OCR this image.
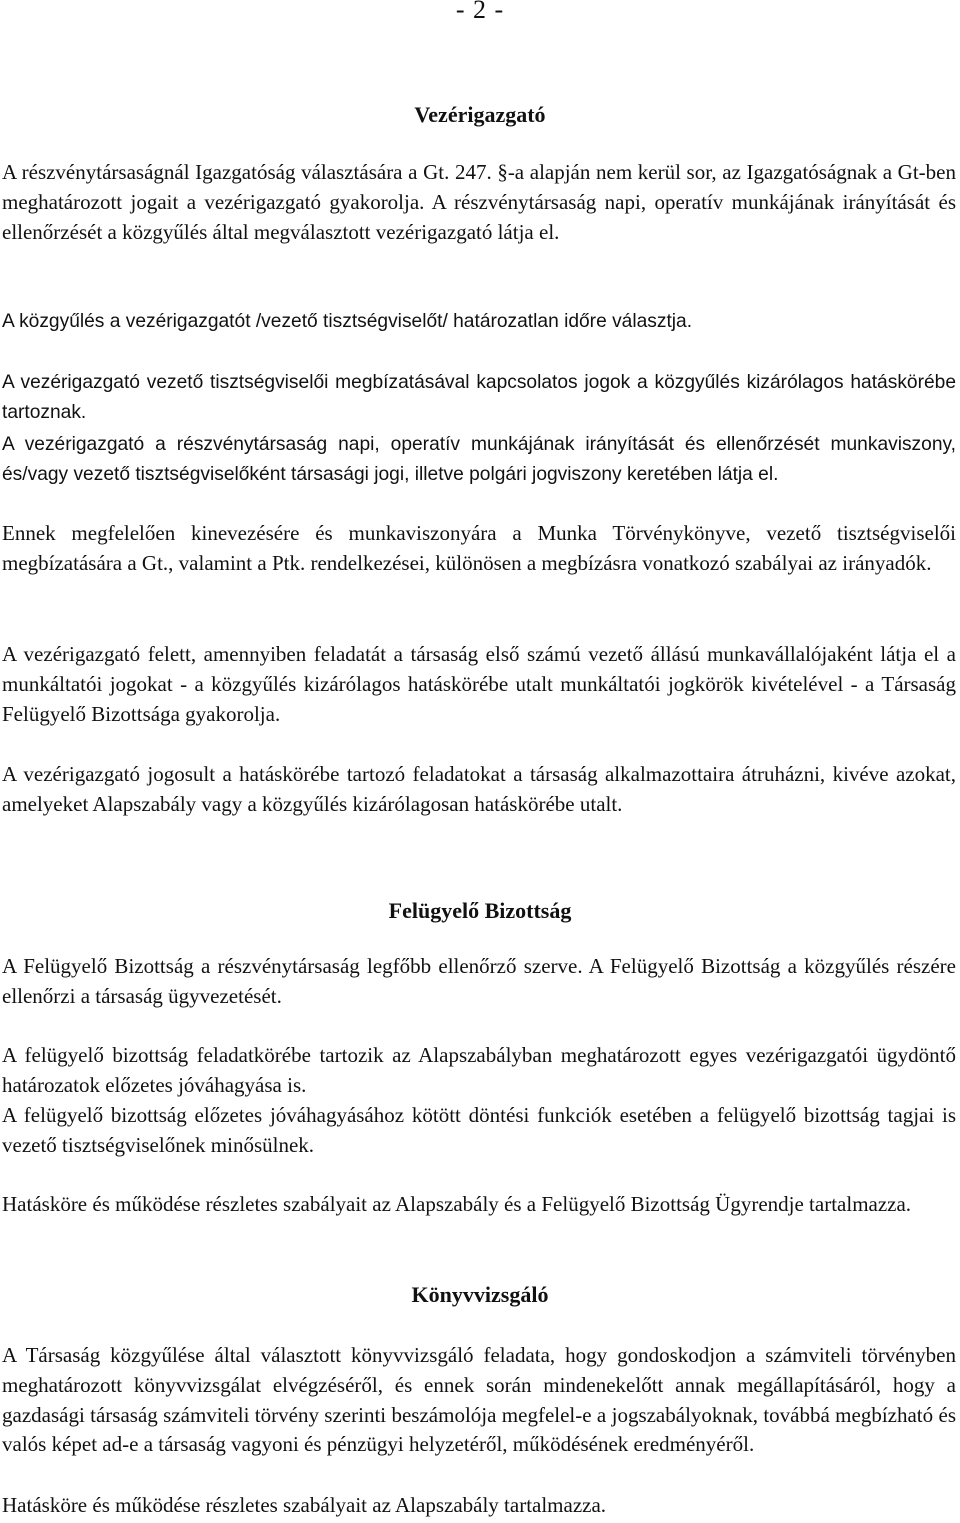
- 2 -
Vezérigazgató

A részvénytársaságnál Igazgatóság választására a Gt. 247. §-a alapján nem kerül sor, az Igazgatóságnak a Gt-ben meghatározott jogait a vezérigazgató gyakorolja. A részvénytársaság napi, operatív munkájának irányítását és ellenőrzését a közgyűlés által megválasztott vezérigazgató látja el.

A közgyűlés a vezérigazgatót /vezető tisztségviselőt/ határozatlan időre választja.

A vezérigazgató vezető tisztségviselői megbízatásával kapcsolatos jogok a közgyűlés kizárólagos hatáskörébe tartoznak.

A vezérigazgató a részvénytársaság napi, operatív munkájának irányítását és ellenőrzését munkaviszony, és/vagy vezető tisztségviselőként társasági jogi, illetve polgári jogviszony keretében látja el.

Ennek megfelelően kinevezésére és munkaviszonyára a Munka Törvénykönyve, vezető tisztségviselői megbízatására a Gt., valamint a Ptk. rendelkezései, különösen a megbízásra vonatkozó szabályai az irányadók.

A vezérigazgató felett, amennyiben feladatát a társaság első számú vezető állású munkavállalójaként látja el a munkáltatói jogokat - a közgyűlés kizárólagos hatáskörébe utalt munkáltatói jogkörök kivételével - a Társaság Felügyelő Bizottsága gyakorolja.

A vezérigazgató jogosult a hatáskörébe tartozó feladatokat a társaság alkalmazottaira átruházni, kivéve azokat, amelyeket Alapszabály vagy a közgyűlés kizárólagosan hatáskörébe utalt.

Felügyelő Bizottság

A Felügyelő Bizottság a részvénytársaság legfőbb ellenőrző szerve. A Felügyelő Bizottság a közgyűlés részére ellenőrzi a társaság ügyvezetését.

A felügyelő bizottság feladatkörébe tartozik az Alapszabályban meghatározott egyes vezérigazgatói ügydöntő határozatok előzetes jóváhagyása is.

A felügyelő bizottság előzetes jóváhagyásához kötött döntési funkciók esetében a felügyelő bizottság tagjai is vezető tisztségviselőnek minősülnek.

Hatásköre és működése részletes szabályait az Alapszabály és a Felügyelő Bizottság Ügyrendje tartalmazza.

Könyvvizsgáló

A Társaság közgyűlése által választott könyvvizsgáló feladata, hogy gondoskodjon a számviteli törvényben meghatározott könyvvizsgálat elvégzéséről, és ennek során mindenekelőtt annak megállapításáról, hogy a gazdasági társaság számviteli törvény szerinti beszámolója megfelel-e a jogszabályoknak, továbbá megbízható és valós képet ad-e a társaság vagyoni és pénzügyi helyzetéről, működésének eredményéről.

Hatásköre és működése részletes szabályait az Alapszabály tartalmazza.
